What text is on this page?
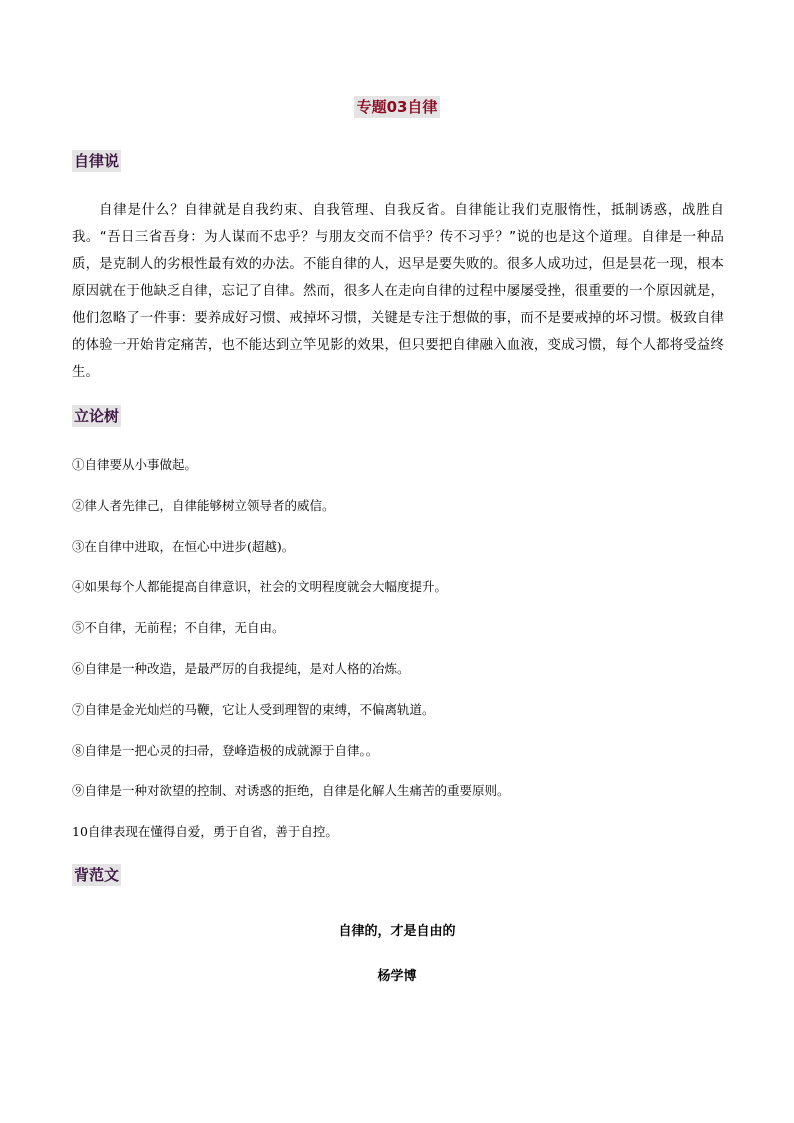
专题03自律
自律说

自律是什么？自律就是自我约束、自我管理、自我反省。自律能让我们克服惰性，抵制诱惑，战胜自我。“吾日三省吾身：为人谋而不忠乎？与朋友交而不信乎？传不习乎？”说的也是这个道理。自律是一种品质，是克制人的劣根性最有效的办法。不能自律的人，迟早是要失败的。很多人成功过，但是昙花一现，根本原因就在于他缺乏自律，忘记了自律。然而，很多人在走向自律的过程中屡屡受挫，很重要的一个原因就是，他们忽略了一件事：要养成好习惯、戒掉坏习惯，关键是专注于想做的事，而不是要戒掉的坏习惯。极致自律的体验一开始肯定痛苦，也不能达到立竿见影的效果，但只要把自律融入血液，变成习惯，每个人都将受益终生。

立论树
①自律要从小事做起。
②律人者先律己，自律能够树立领导者的威信。
③在自律中进取，在恒心中进步(超越)。
④如果每个人都能提高自律意识，社会的文明程度就会大幅度提升。
⑤不自律，无前程；不自律，无自由。
⑥自律是一种改造，是最严厉的自我提纯，是对人格的冶炼。
⑦自律是金光灿烂的马鞭，它让人受到理智的束缚，不偏离轨道。
⑧自律是一把心灵的扫帚，登峰造极的成就源于自律。。
⑨自律是一种对欲望的控制、对诱惑的拒绝，自律是化解人生痛苦的重要原则。
10自律表现在懂得自爱，勇于自省，善于自控。
背范文
自律的，才是自由的
杨学博
